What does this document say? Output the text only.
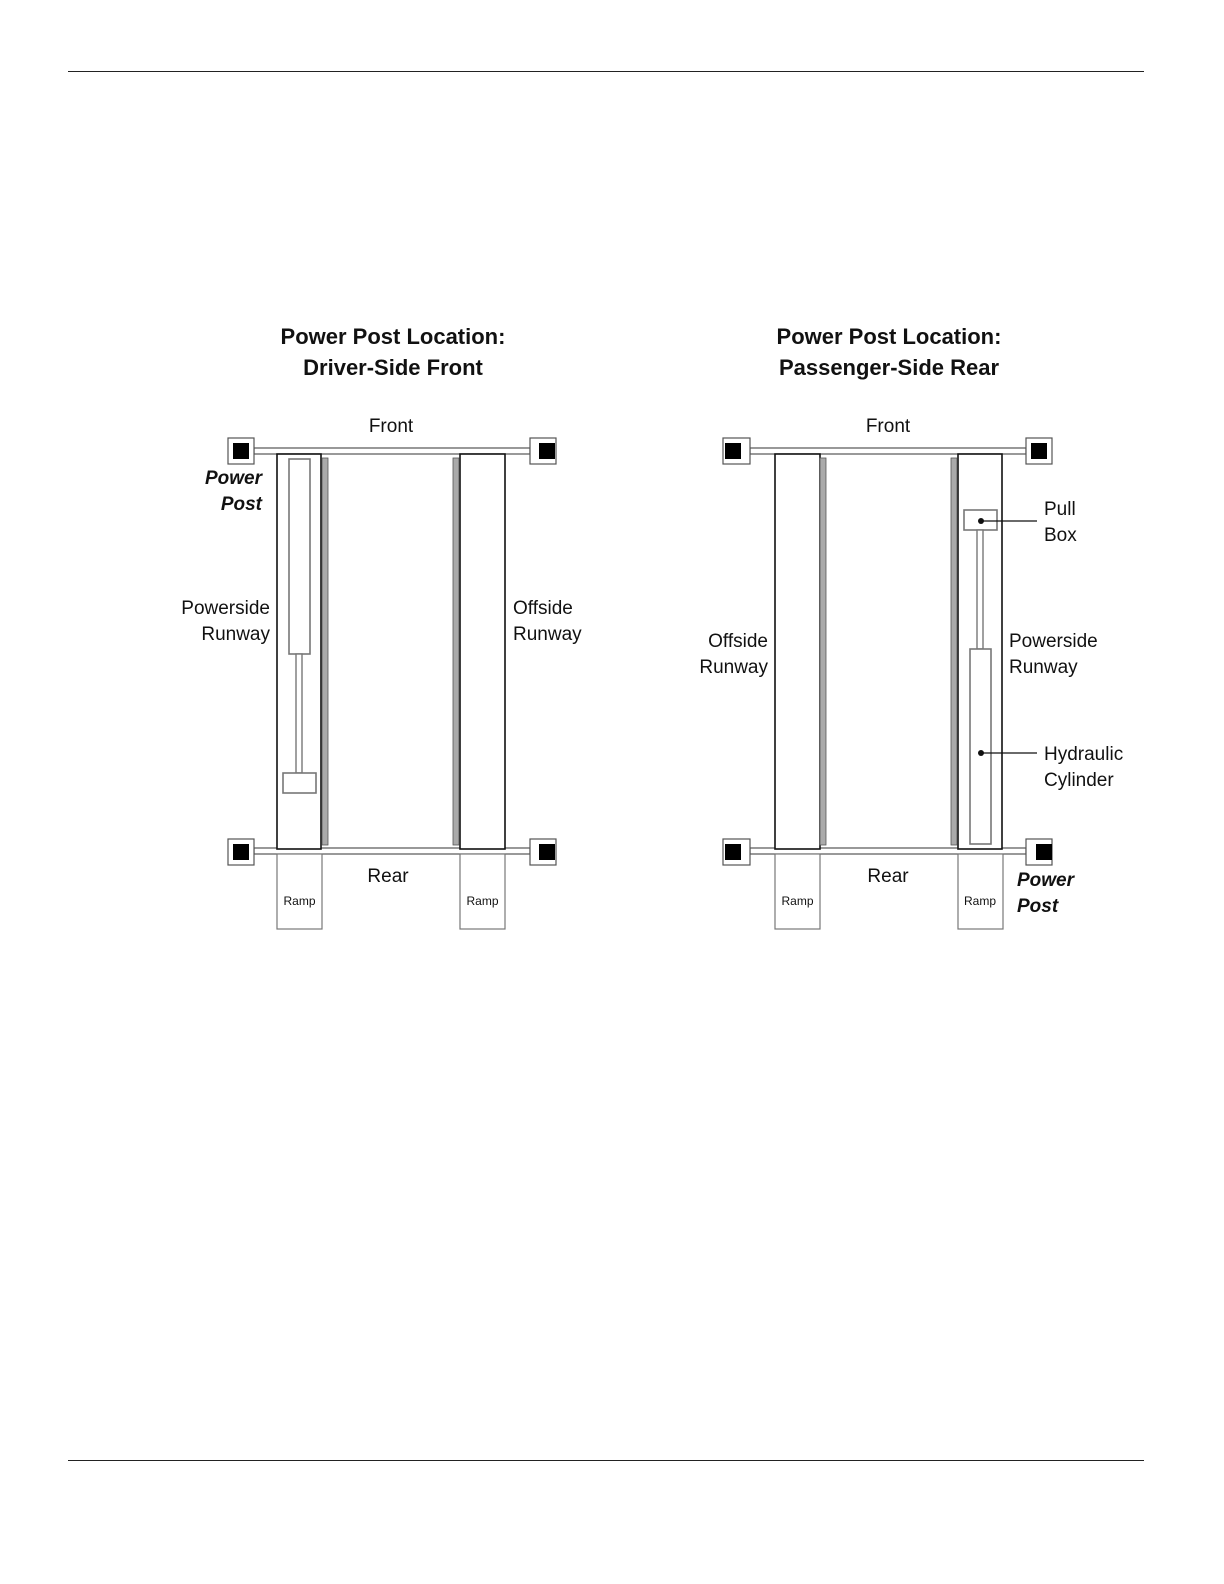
Power Post Location:
Driver-Side Front
Power Post Location:
Passenger-Side Rear
Front
Rear
Power
Post
Powerside
Runway
Offside
Runway
Ramp	Ramp
Front
Rear
Offside
Runway
Powerside
Runway
Pull
Box
Hydraulic
Cylinder
Power
Post
Ramp	Ramp
